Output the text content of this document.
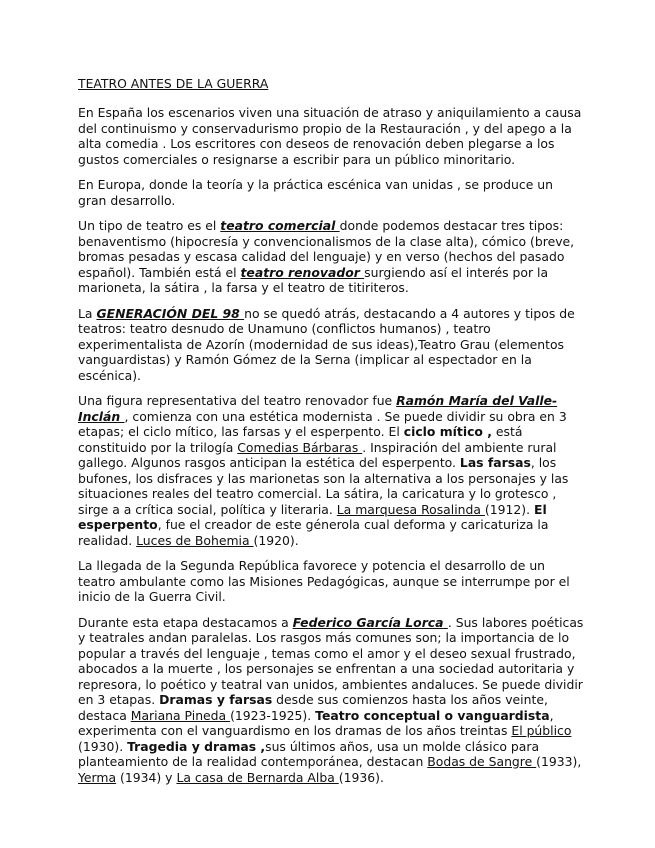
TEATRO ANTES DE LA GUERRA

En España los escenarios viven una situación de atraso y aniquilamiento a causa del continuismo y conservadurismo propio de la Restauración , y del apego a la alta comedia . Los escritores con deseos de renovación deben plegarse a los gustos comerciales o resignarse a escribir para un público minoritario.

En Europa, donde la teoría y la práctica escénica van unidas , se produce un gran desarrollo.

Un tipo de teatro es el teatro comercial donde podemos destacar tres tipos: benaventismo (hipocresía y convencionalismos de la clase alta), cómico (breve, bromas pesadas y escasa calidad del lenguaje) y en verso (hechos del pasado español). También está el teatro renovador surgiendo así el interés por la marioneta, la sátira , la farsa y el teatro de titiriteros.

La GENERACIÓN DEL 98 no se quedó atrás, destacando a 4 autores y tipos de teatros: teatro desnudo de Unamuno (conflictos humanos) , teatro experimentalista de Azorín (modernidad de sus ideas),Teatro Grau (elementos vanguardistas) y Ramón Gómez de la Serna (implicar al espectador en la escénica).

Una figura representativa del teatro renovador fue Ramón María del Valle-Inclán , comienza con una estética modernista . Se puede dividir su obra en 3 etapas; el ciclo mítico, las farsas y el esperpento. El ciclo mítico , está constituido por la trilogía Comedias Bárbaras . Inspiración del ambiente rural gallego. Algunos rasgos anticipan la estética del esperpento. Las farsas, los bufones, los disfraces y las marionetas son la alternativa a los personajes y las situaciones reales del teatro comercial. La sátira, la caricatura y lo grotesco , sirge a a crítica social, política y literaria. La marquesa Rosalinda (1912). El esperpento, fue el creador de este génerola cual deforma y caricaturiza la realidad. Luces de Bohemia (1920).

La llegada de la Segunda República favorece y potencia el desarrollo de un teatro ambulante como las Misiones Pedagógicas, aunque se interrumpe por el inicio de la Guerra Civil.

Durante esta etapa destacamos a Federico García Lorca . Sus labores poéticas y teatrales andan paralelas. Los rasgos más comunes son; la importancia de lo popular a través del lenguaje , temas como el amor y el deseo sexual frustrado, abocados a la muerte , los personajes se enfrentan a una sociedad autoritaria y represora, lo poético y teatral van unidos, ambientes andaluces. Se puede dividir en 3 etapas. Dramas y farsas desde sus comienzos hasta los años veinte, destaca Mariana Pineda (1923-1925). Teatro conceptual o vanguardista, experimenta con el vanguardismo en los dramas de los años treintas El público (1930). Tragedia y dramas ,sus últimos años, usa un molde clásico para planteamiento de la realidad contemporánea, destacan Bodas de Sangre (1933), Yerma (1934) y La casa de Bernarda Alba (1936).
